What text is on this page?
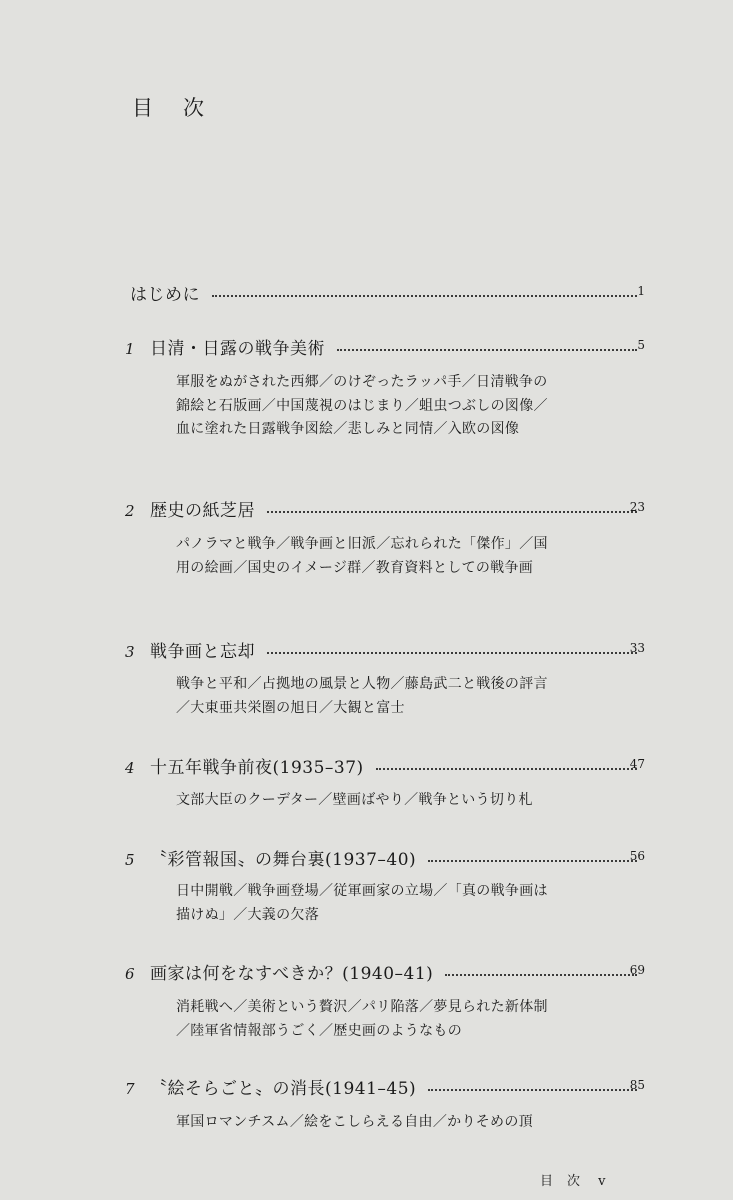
目次
はじめに	1
1 日清・日露の戦争美術	5
軍服をぬがされた西郷／のけぞったラッパ手／日清戦争の錦絵と石版画／中国蔑視のはじまり／蛆虫つぶしの図像／血に塗れた日露戦争図絵／悲しみと同情／入欧の図像
2 歴史の紙芝居	23
パノラマと戦争／戦争画と旧派／忘れられた「傑作」／国用の絵画／国史のイメージ群／教育資料としての戦争画
3 戦争画と忘却	33
戦争と平和／占拠地の風景と人物／藤島武二と戦後の評言／大東亜共栄圏の旭日／大観と富士
4 十五年戦争前夜(1935–37)	47
文部大臣のクーデター／壁画ばやり／戦争という切り札
5 〝彩管報国〟の舞台裏(1937–40)	56
日中開戦／戦争画登場／従軍画家の立場／「真の戦争画は描けぬ」／大義の欠落
6 画家は何をなすべきか？(1940–41)	69
消耗戦へ／美術という贅沢／パリ陥落／夢見られた新体制／陸軍省情報部うごく／歴史画のようなもの
7 〝絵そらごと〟の消長(1941–45)	85
軍国ロマンチスム／絵をこしらえる自由／かりそめの頂
目次 v
